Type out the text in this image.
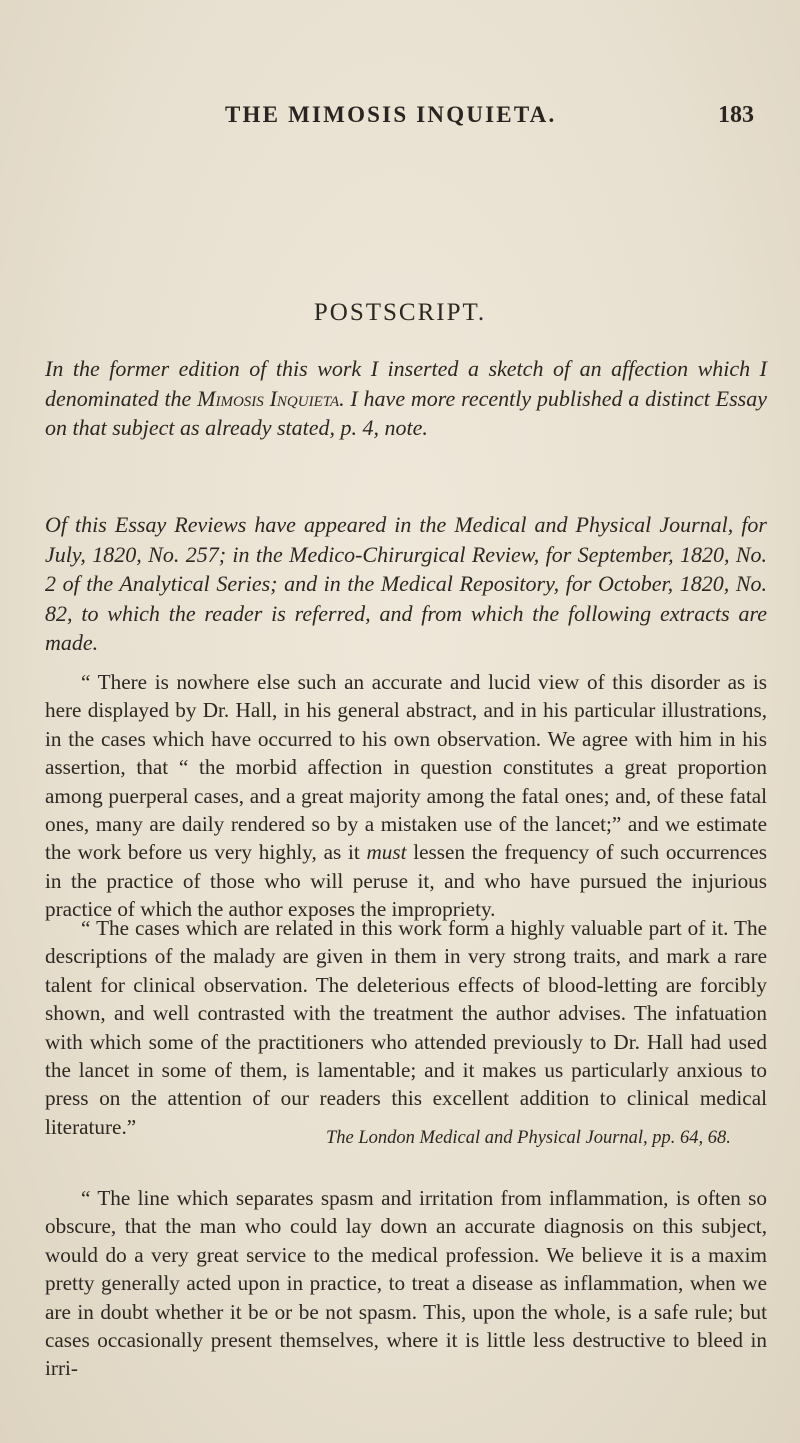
THE MIMOSIS INQUIETA.	183
POSTSCRIPT.

In the former edition of this work I inserted a sketch of an affection which I denominated the Mimosis Inquieta. I have more recently published a distinct Essay on that subject as already stated, p. 4, note.

Of this Essay Reviews have appeared in the Medical and Physical Journal, for July, 1820, No. 257; in the Medico-Chirurgical Review, for September, 1820, No. 2 of the Analytical Series; and in the Medical Repository, for October, 1820, No. 82, to which the reader is referred, and from which the following extracts are made.

“ There is nowhere else such an accurate and lucid view of this disorder as is here displayed by Dr. Hall, in his general abstract, and in his particular illustrations, in the cases which have occurred to his own observation. We agree with him in his assertion, that “ the morbid affection in question constitutes a great proportion among puerperal cases, and a great majority among the fatal ones; and, of these fatal ones, many are daily rendered so by a mistaken use of the lancet;” and we estimate the work before us very highly, as it must lessen the frequency of such occurrences in the practice of those who will peruse it, and who have pursued the injurious practice of which the author exposes the impropriety.

“ The cases which are related in this work form a highly valuable part of it. The descriptions of the malady are given in them in very strong traits, and mark a rare talent for clinical observation. The deleterious effects of blood-letting are forcibly shown, and well contrasted with the treatment the author advises. The infatuation with which some of the practitioners who attended previously to Dr. Hall had used the lancet in some of them, is lamentable; and it makes us particularly anxious to press on the attention of our readers this excellent addition to clinical medical literature.”	The London Medical and Physical Journal, pp. 64, 68.

“ The line which separates spasm and irritation from inflammation, is often so obscure, that the man who could lay down an accurate diagnosis on this subject, would do a very great service to the medical profession. We believe it is a maxim pretty generally acted upon in practice, to treat a disease as inflammation, when we are in doubt whether it be or be not spasm. This, upon the whole, is a safe rule; but cases occasionally present themselves, where it is little less destructive to bleed in irri-
